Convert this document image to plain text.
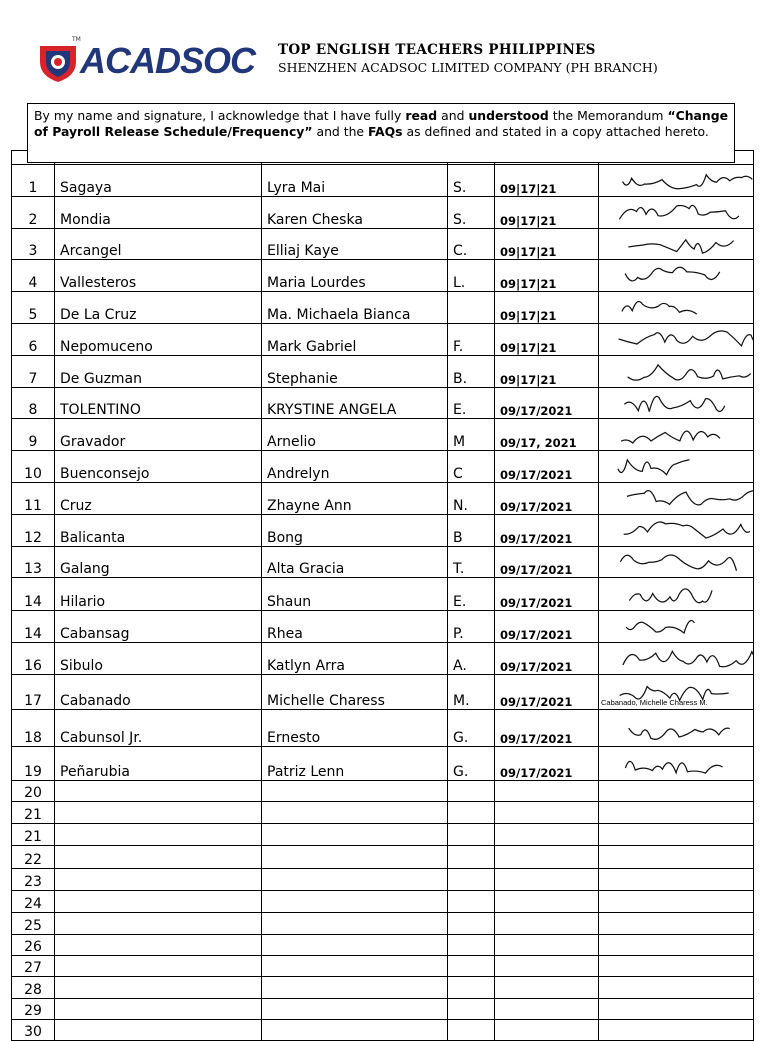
TM
ACADSOC TOP ENGLISH TEACHERS PHILIPPINES
SHENZHEN ACADSOC LIMITED COMPANY (PH BRANCH)
By my name and signature, I acknowledge that I have fully read and understood the Memorandum “Change of Payroll Release Schedule/Frequency” and the FAQs as defined and stated in a copy attached hereto.

1	Sagaya	Lyra Mai	S.	09|17|21	

2	Mondia	Karen Cheska	S.	09|17|21	

3	Arcangel	Elliaj Kaye	C.	09|17|21	

4	Vallesteros	Maria Lourdes	L.	09|17|21	

5	De La Cruz	Ma. Michaela Bianca		09|17|21	

6	Nepomuceno	Mark Gabriel	F.	09|17|21	

7	De Guzman	Stephanie	B.	09|17|21	

8	TOLENTINO	KRYSTINE ANGELA	E.	09/17/2021	

9	Gravador	Arnelio	M	09/17, 2021	

10	Buenconsejo	Andrelyn	C	09/17/2021	

11	Cruz	Zhayne Ann	N.	09/17/2021	

12	Balicanta	Bong	B	09/17/2021	

13	Galang	Alta Gracia	T.	09/17/2021	

14	Hilario	Shaun	E.	09/17/2021	

14	Cabansag	Rhea	P.	09/17/2021	

16	Sibulo	Katlyn Arra	A.	09/17/2021	

17	Cabanado	Michelle Charess	M.	09/17/2021	Cabanado, Michelle Charess M.

18	Cabunsol Jr.	Ernesto	G.	09/17/2021	

19	Peñarubia	Patriz Lenn	G.	09/17/2021	

20					
21					
21					
22					
23					
24					
25					
26					
27					
28					
29					
30					
